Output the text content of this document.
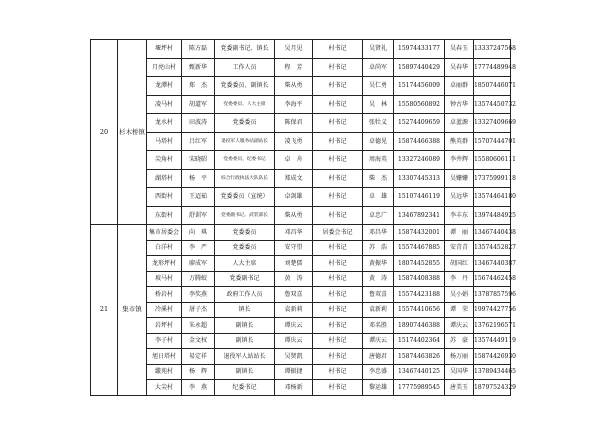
20	杉木桥镇	堰坪村	陈方磊	党委副书记、镇长	吴月见	村书记	吴贤礼	15974433177	吴春玉	13337247568
		月亮山村	甄新华	工作人员	程　芳	村书记	卓尚军	15897440429	吴春华	17774489948
		龙潭村	郑　杰	党委委员、副镇长	柴从勇	村书记	吴仁勇	15174456009	卓丽群	18507446071
		凌马村	胡道军	党委委员、人大主席	李海平	村书记	吴　林	15580560892	钟古华	13574450732
		龙水村	田波涛	党委委员	陈保君	村书记	张牡义	15274409659	卓蓝源	13327409669
		马塔村	吕红军	退役军人服务站副站长	凌飞勇	村书记	卓德见	15874466388	熊英群	15707444701
		尖角村	宋晓昭	党委委员、纪委书记	卓　舟	村书记	周海英	13327246089	李井辉	15580606111
		湖塔村	杨　平	综合行政执法大队队长	郑成文	村书记	柴　杰	13307445313	吴姗姗	17375999118
		西街村	王迢茹	党委委员（宣统）	卓剑雄	村书记	卓　雄	15107446119	吴远华	13574464180
		东街村	舒训军	党委副书记、武装部长	柴从勇	村书记	卓忠广	13467892341	李丰东	13974484925
21	集市镇	集市居委会	向　琪	党委委员	邓昌华	居委会书记	邓昌华	15874432001	谭　丽	13467440438
		白洋村	李　严	党委委员	安守望	村书记	苏　浩	15574467885	安青青	13574452827
		龙形坪村	廖成军	人大主席	刘楚儒	村书记	黄振华	18074452855	胡国红	13467440387
		坡马村	万腾蛟	党委副书记	黄　涛	村书记	黄　涛	15874408388	李　丹	15674462458
		桥岩村	李奖燕	政府工作人员	鲁双喜	村书记	鲁双喜	15574423188	吴小娟	13787857596
		冷溪村	屠子杰	镇长	袁新莉	村书记	袁新莉	15574410656	谭　荣	19974427756
		岩坪村	朱永超	副镇长	谭庆云	村书记	邓名胜	18907446388	谭庆云	13762196571
		李子村	金文权	副镇长	谭庆云	村书记	谭庆云	15174402364	苏　豪	13574449119
		旭日塔村	易定祥	退役军人站站长	吴贤凯	村书记	唐德君	15874463826	杨万丽	15874426930
		繖苑村	杨　辉	副镇长	谭振捷	村书记	李忠盛	13467440125	吴国华	13789434465
		大尖村	李　燕	纪委书记	邓杨新	村书记	黎运雄	17775989545	唐美玉	18797524329
